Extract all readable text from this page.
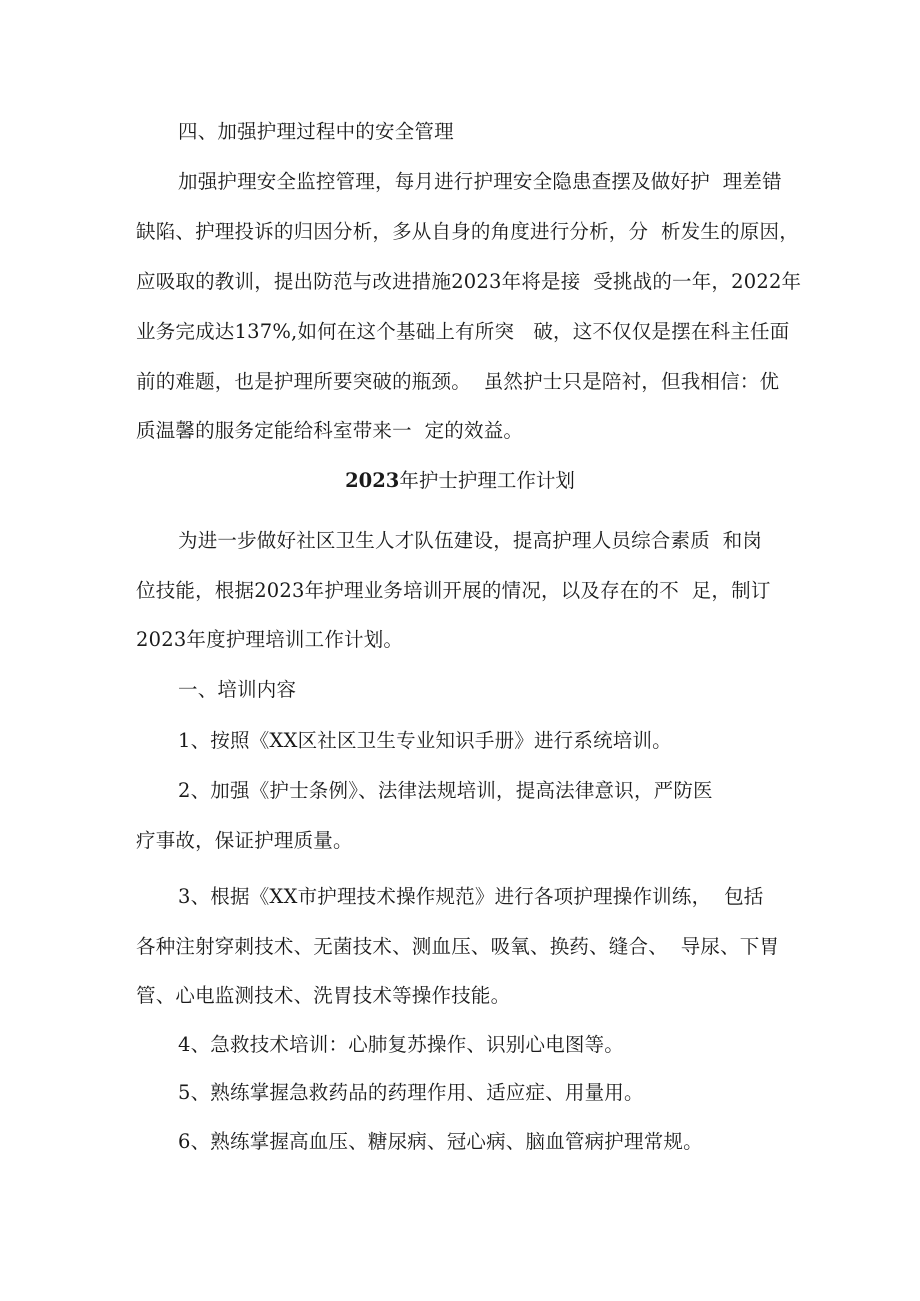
四、加强护理过程中的安全管理
加强护理安全监控管理，每月进行护理安全隐患查摆及做好护  理差错
缺陷、护理投诉的归因分析，多从自身的角度进行分析，分  析发生的原因，
应吸取的教训，提出防范与改进措施2023年将是接  受挑战的一年，2022年
业务完成达137%,如何在这个基础上有所突   破，这不仅仅是摆在科主任面
前的难题，也是护理所要突破的瓶颈。  虽然护士只是陪衬，但我相信：优
质温馨的服务定能给科室带来一  定的效益。
2023年护士护理工作计划
为进一步做好社区卫生人才队伍建设，提高护理人员综合素质  和岗
位技能，根据2023年护理业务培训开展的情况，以及存在的不  足，制订
2023年度护理培训工作计划。
一、培训内容
1、按照《XX区社区卫生专业知识手册》进行系统培训。
2、加强《护士条例》、法律法规培训，提高法律意识，严防医
疗事故，保证护理质量。
3、根据《XX市护理技术操作规范》进行各项护理操作训练，  包括
各种注射穿刺技术、无菌技术、测血压、吸氧、换药、缝合、  导尿、下胃
管、心电监测技术、洗胃技术等操作技能。
4、急救技术培训：心肺复苏操作、识别心电图等。
5、熟练掌握急救药品的药理作用、适应症、用量用。
6、熟练掌握高血压、糖尿病、冠心病、脑血管病护理常规。
